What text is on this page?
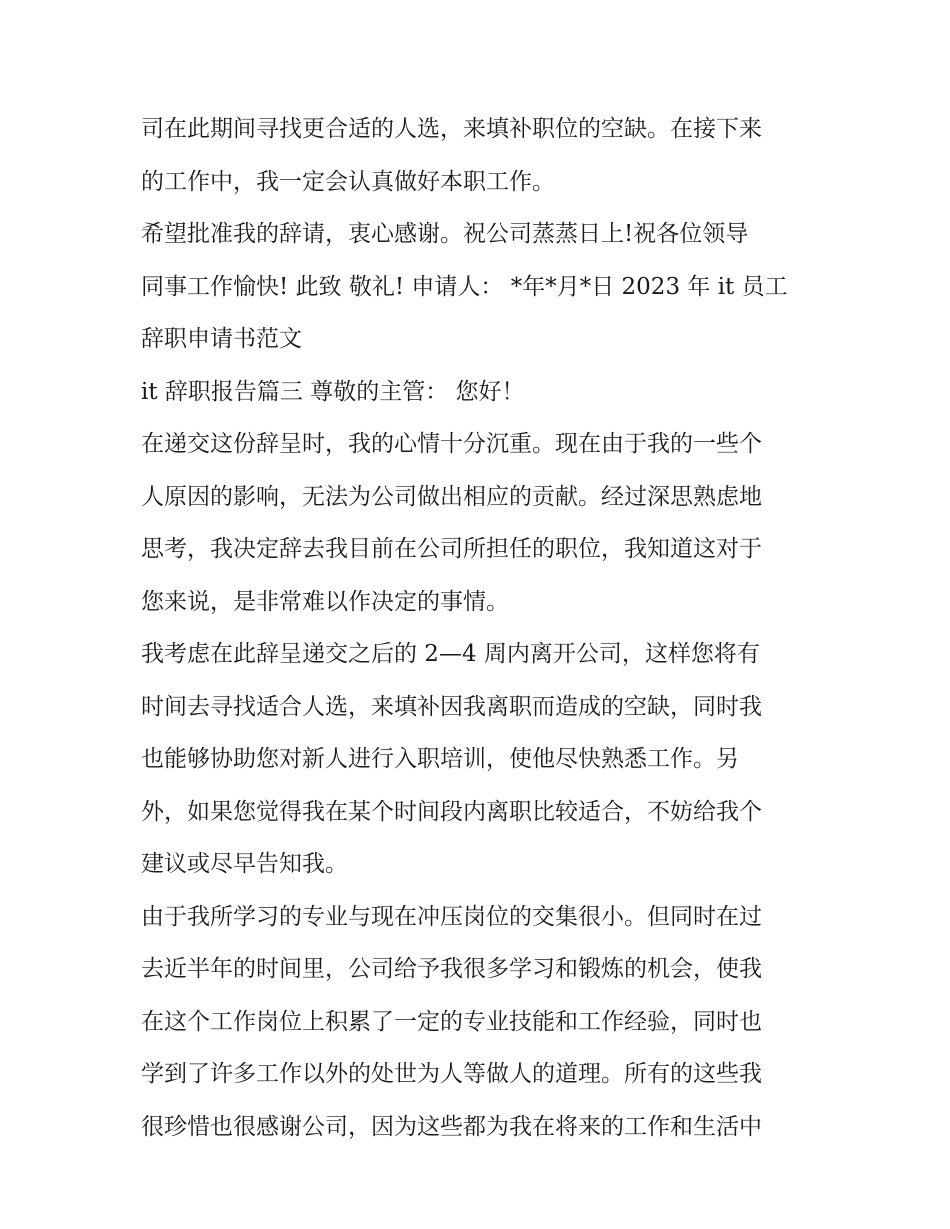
司在此期间寻找更合适的人选，来填补职位的空缺。在接下来
的工作中，我一定会认真做好本职工作。
希望批准我的辞请，衷心感谢。祝公司蒸蒸日上!祝各位领导
同事工作愉快! 此致 敬礼! 申请人： *年*月*日 2023 年 it 员工
辞职申请书范文
it 辞职报告篇三 尊敬的主管： 您好！
在递交这份辞呈时，我的心情十分沉重。现在由于我的一些个
人原因的影响，无法为公司做出相应的贡献。经过深思熟虑地
思考，我决定辞去我目前在公司所担任的职位，我知道这对于
您来说，是非常难以作决定的事情。
我考虑在此辞呈递交之后的 2—4 周内离开公司，这样您将有
时间去寻找适合人选，来填补因我离职而造成的空缺，同时我
也能够协助您对新人进行入职培训，使他尽快熟悉工作。另
外，如果您觉得我在某个时间段内离职比较适合，不妨给我个
建议或尽早告知我。
由于我所学习的专业与现在冲压岗位的交集很小。但同时在过
去近半年的时间里，公司给予我很多学习和锻炼的机会，使我
在这个工作岗位上积累了一定的专业技能和工作经验，同时也
学到了许多工作以外的处世为人等做人的道理。所有的这些我
很珍惜也很感谢公司，因为这些都为我在将来的工作和生活中
